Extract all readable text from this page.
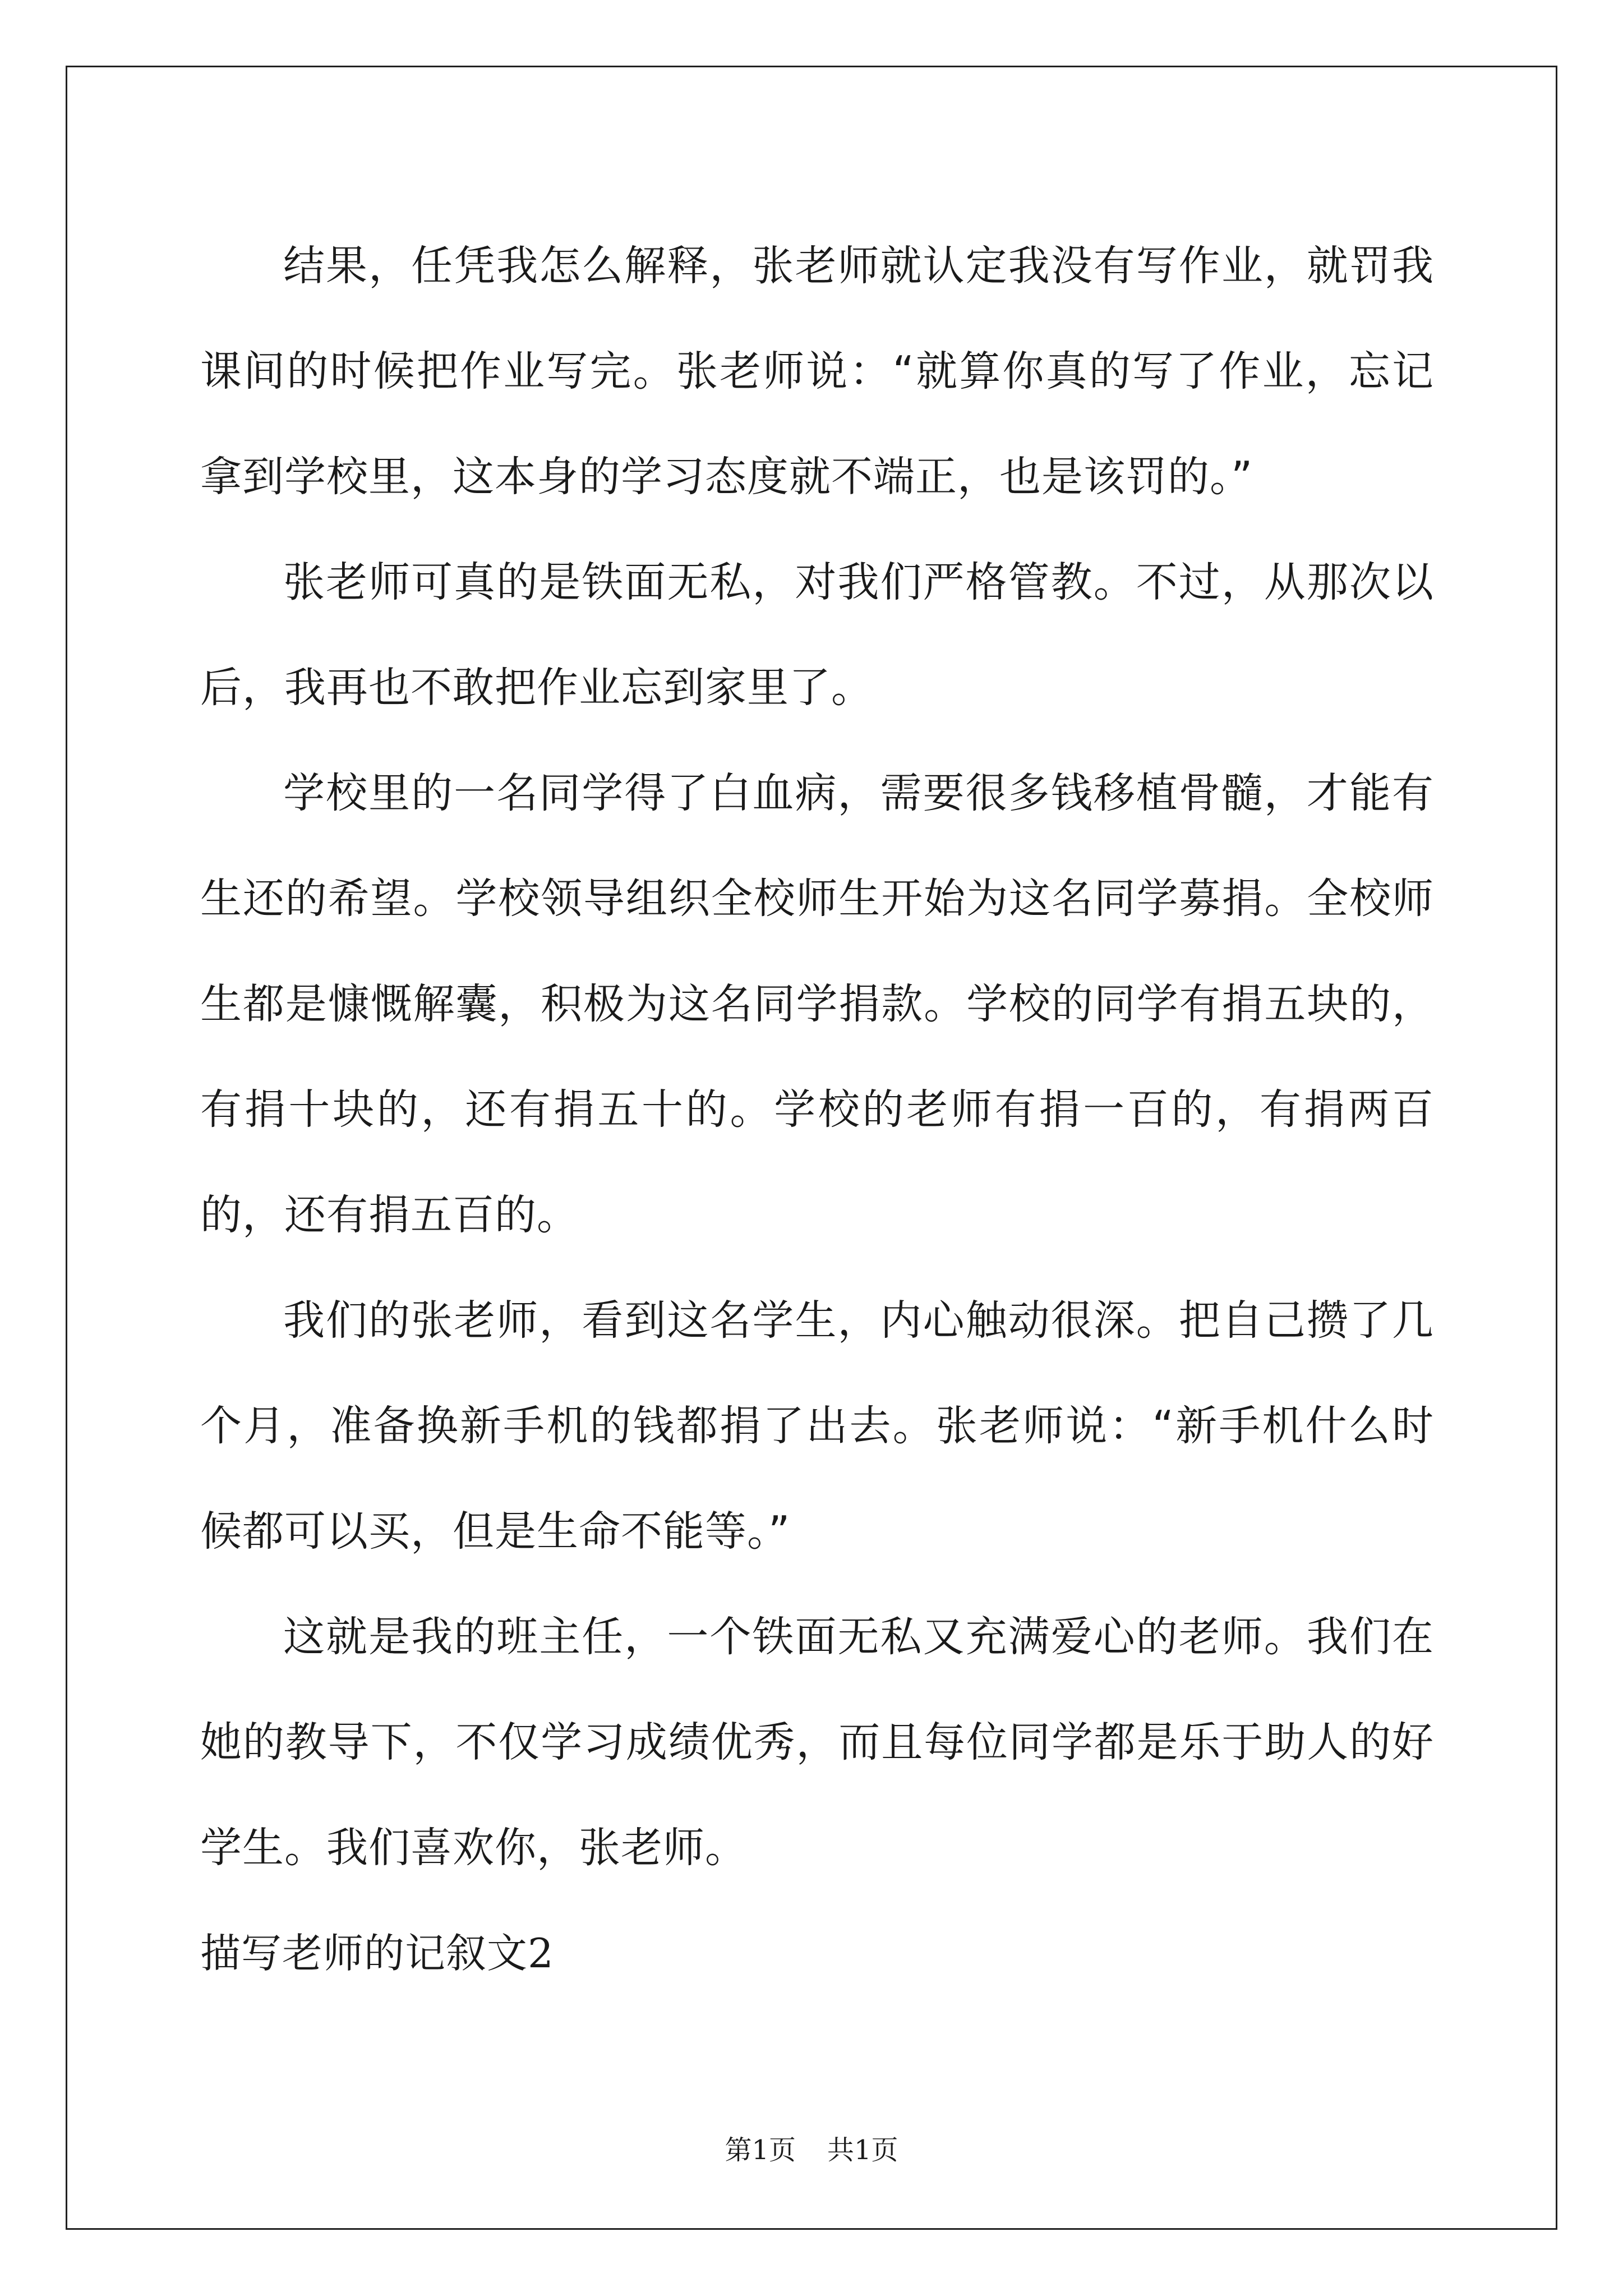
结果，任凭我怎么解释，张老师就认定我没有写作业，就罚我课间的时候把作业写完。张老师说：“就算你真的写了作业，忘记拿到学校里，这本身的学习态度就不端正，也是该罚的。”

张老师可真的是铁面无私，对我们严格管教。不过，从那次以后，我再也不敢把作业忘到家里了。

学校里的一名同学得了白血病，需要很多钱移植骨髓，才能有生还的希望。学校领导组织全校师生开始为这名同学募捐。全校师生都是慷慨解囊，积极为这名同学捐款。学校的同学有捐五块的，有捐十块的，还有捐五十的。学校的老师有捐一百的，有捐两百的，还有捐五百的。

我们的张老师，看到这名学生，内心触动很深。把自己攒了几个月，准备换新手机的钱都捐了出去。张老师说：“新手机什么时候都可以买，但是生命不能等。”

这就是我的班主任，一个铁面无私又充满爱心的老师。我们在她的教导下，不仅学习成绩优秀，而且每位同学都是乐于助人的好学生。我们喜欢你，张老师。

描写老师的记叙文2

第1页 共1页
